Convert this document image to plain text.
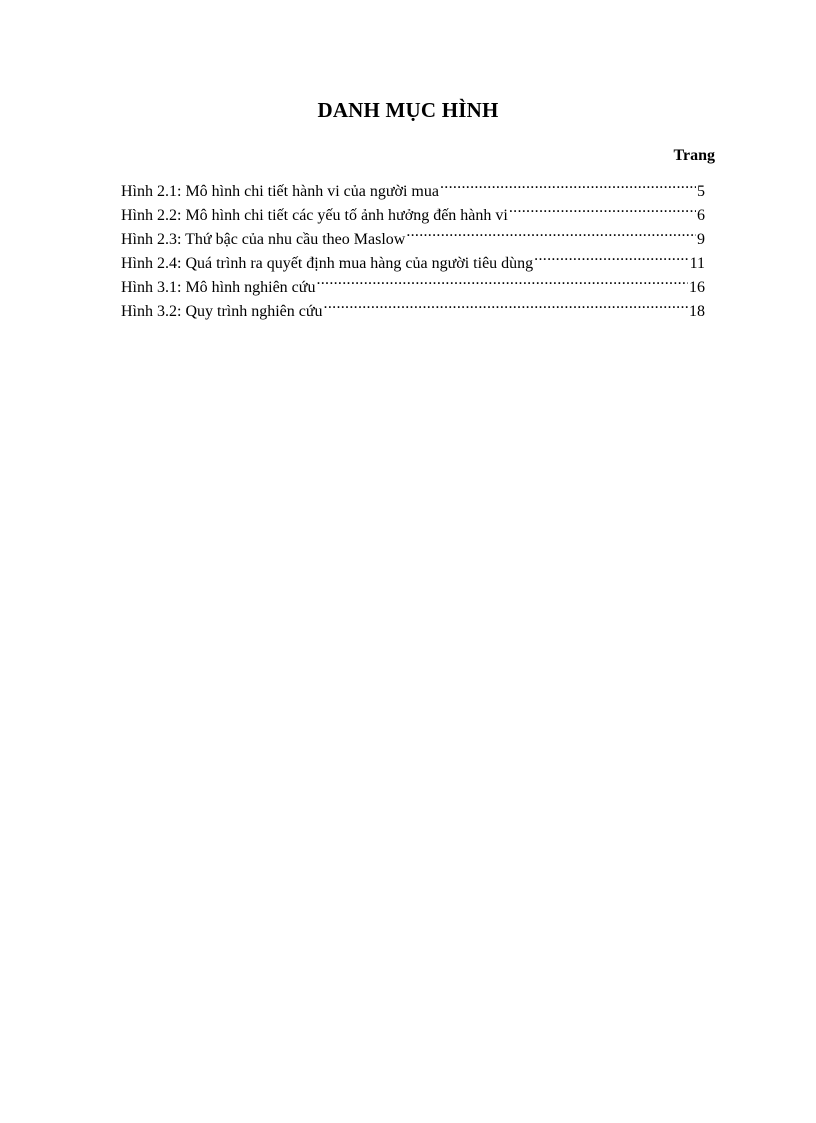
DANH MỤC HÌNH
Trang
Hình 2.1: Mô hình chi tiết hành vi của người mua .....	5
Hình 2.2: Mô hình chi tiết các yếu tố ảnh hưởng đến hành vi .....	6
Hình 2.3: Thứ bậc của nhu cầu theo Maslow .....	9
Hình 2.4: Quá trình ra quyết định mua hàng của người tiêu dùng .....	11
Hình 3.1: Mô hình nghiên cứu .....	16
Hình 3.2: Quy trình nghiên cứu .....	18
